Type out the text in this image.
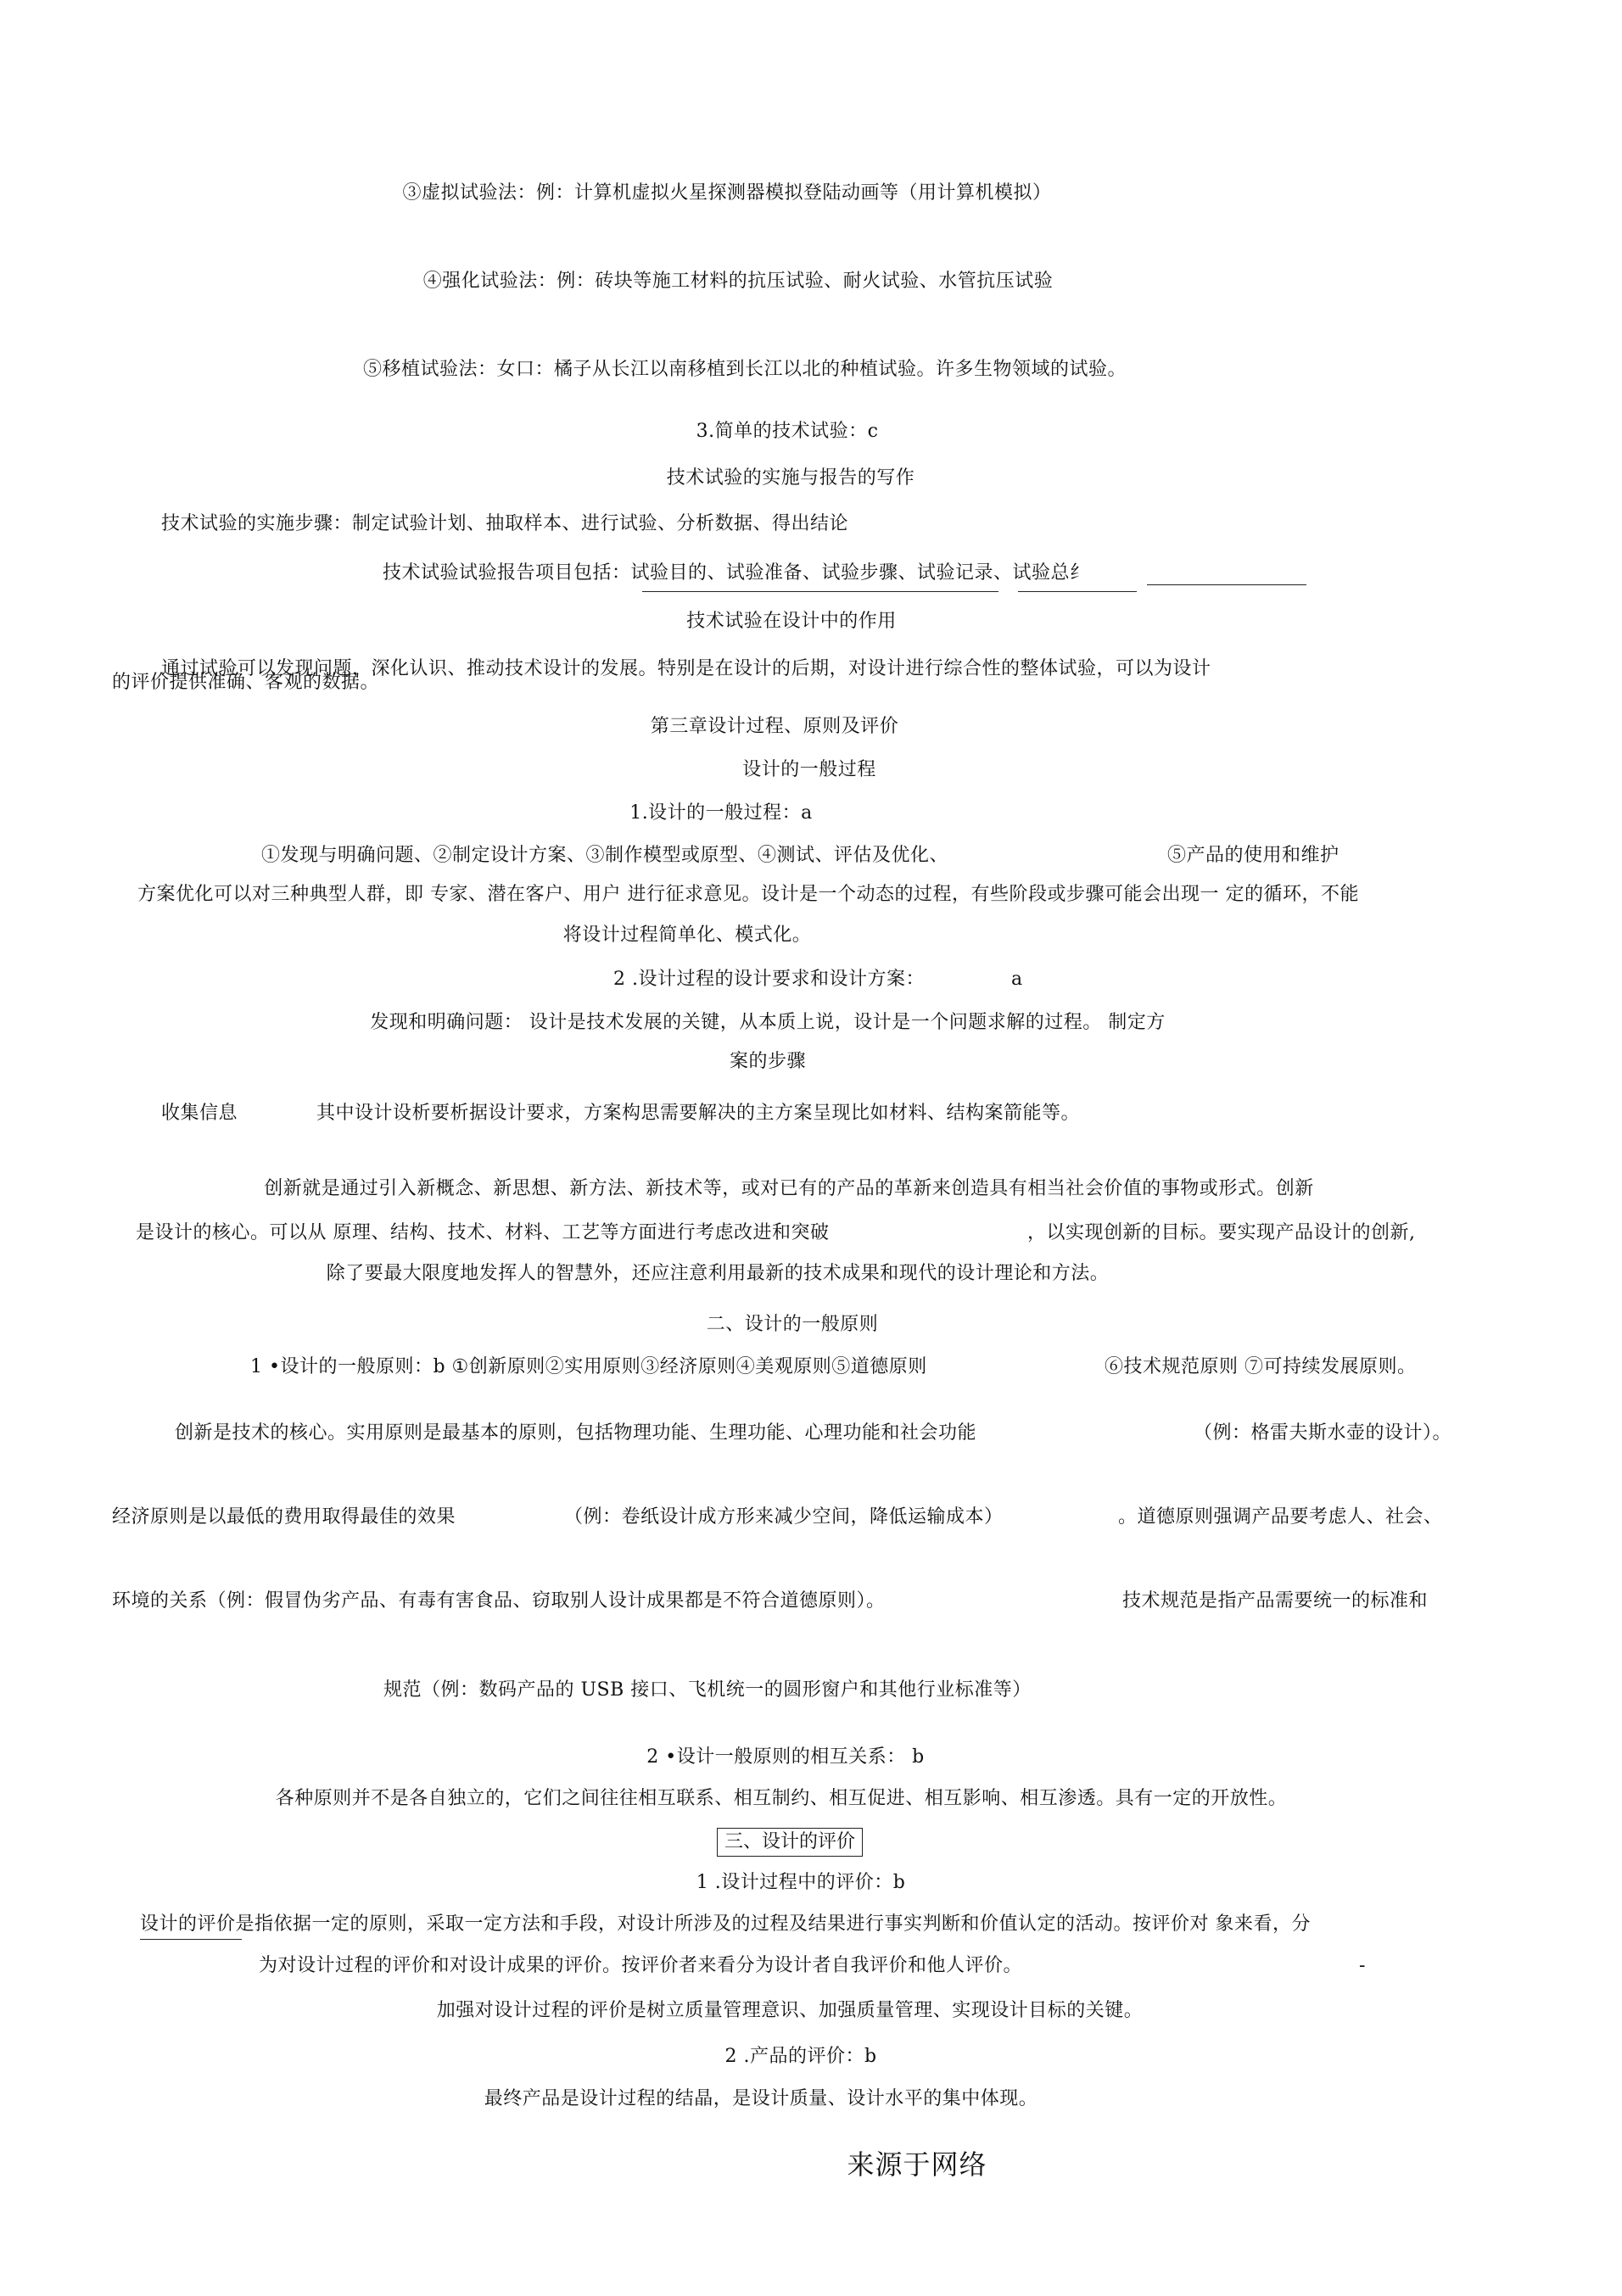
③虚拟试验法：例：计算机虚拟火星探测器模拟登陆动画等（用计算机模拟）
④强化试验法：例：砖块等施工材料的抗压试验、耐火试验、水管抗压试验
⑤移植试验法：女口：橘子从长江以南移植到长江以北的种植试验。许多生物领域的试验。
3.简单的技术试验：c
技术试验的实施与报告的写作
技术试验的实施步骤：制定试验计划、抽取样本、进行试验、分析数据、得出结论
技术试验试验报告项目包括：试验目的、试验准备、试验步骤、试验记录、试验总纟
技术试验在设计中的作用
通过试验可以发现问题，深化认识、推动技术设计的发展。特别是在设计的后期，对设计进行综合性的整体试验，可以为设计
的评价提供准确、客观的数据。
第三章设计过程、原则及评价
设计的一般过程
1.设计的一般过程：a
①发现与明确问题、②制定设计方案、③制作模型或原型、④测试、评估及优化、	⑤产品的使用和维护
方案优化可以对三种典型人群，即 专家、潜在客户、用户 进行征求意见。设计是一个动态的过程，有些阶段或步骤可能会出现一 定的循环，不能
将设计过程简单化、模式化。
2 .设计过程的设计要求和设计方案：	a
发现和明确问题： 设计是技术发展的关键，从本质上说，设计是一个问题求解的过程。 制定方
案的步骤
收集信息	其中设计设析要析据设计要求，方案构思需要解决的主方案呈现比如材料、结构案箭能等。
创新就是通过引入新概念、新思想、新方法、新技术等，或对已有的产品的革新来创造具有相当社会价值的事物或形式。创新
是设计的核心。可以从 原理、结构、技术、材料、工艺等方面进行考虑改进和突破	，以实现创新的目标。要实现产品设计的创新,
除了要最大限度地发挥人的智慧外，还应注意利用最新的技术成果和现代的设计理论和方法。
二、设计的一般原则
1 •设计的一般原则：b ①创新原则②实用原则③经济原则④美观原则⑤道德原则	⑥技术规范原则 ⑦可持续发展原则。
创新是技术的核心。实用原则是最基本的原则，包括物理功能、生理功能、心理功能和社会功能	（例：格雷夫斯水壶的设计）。
经济原则是以最低的费用取得最佳的效果	（例：卷纸设计成方形来减少空间，降低运输成本）	。道德原则强调产品要考虑人、社会、
环境的关系（例：假冒伪劣产品、有毒有害食品、窃取别人设计成果都是不符合道德原则）。	技术规范是指产品需要统一的标准和
规范（例：数码产品的 USB 接口、飞机统一的圆形窗户和其他行业标准等）
2 •设计一般原则的相互关系： b
各种原则并不是各自独立的，它们之间往往相互联系、相互制约、相互促进、相互影响、相互渗透。具有一定的开放性。
三、设计的评价
1 .设计过程中的评价：b
设计的评价是指依据一定的原则，采取一定方法和手段，对设计所涉及的过程及结果进行事实判断和价值认定的活动。按评价对 象来看，分
为对设计过程的评价和对设计成果的评价。按评价者来看分为设计者自我评价和他人评价。	-
加强对设计过程的评价是树立质量管理意识、加强质量管理、实现设计目标的关键。
2 .产品的评价：b
最终产品是设计过程的结晶，是设计质量、设计水平的集中体现。
来源于网络
